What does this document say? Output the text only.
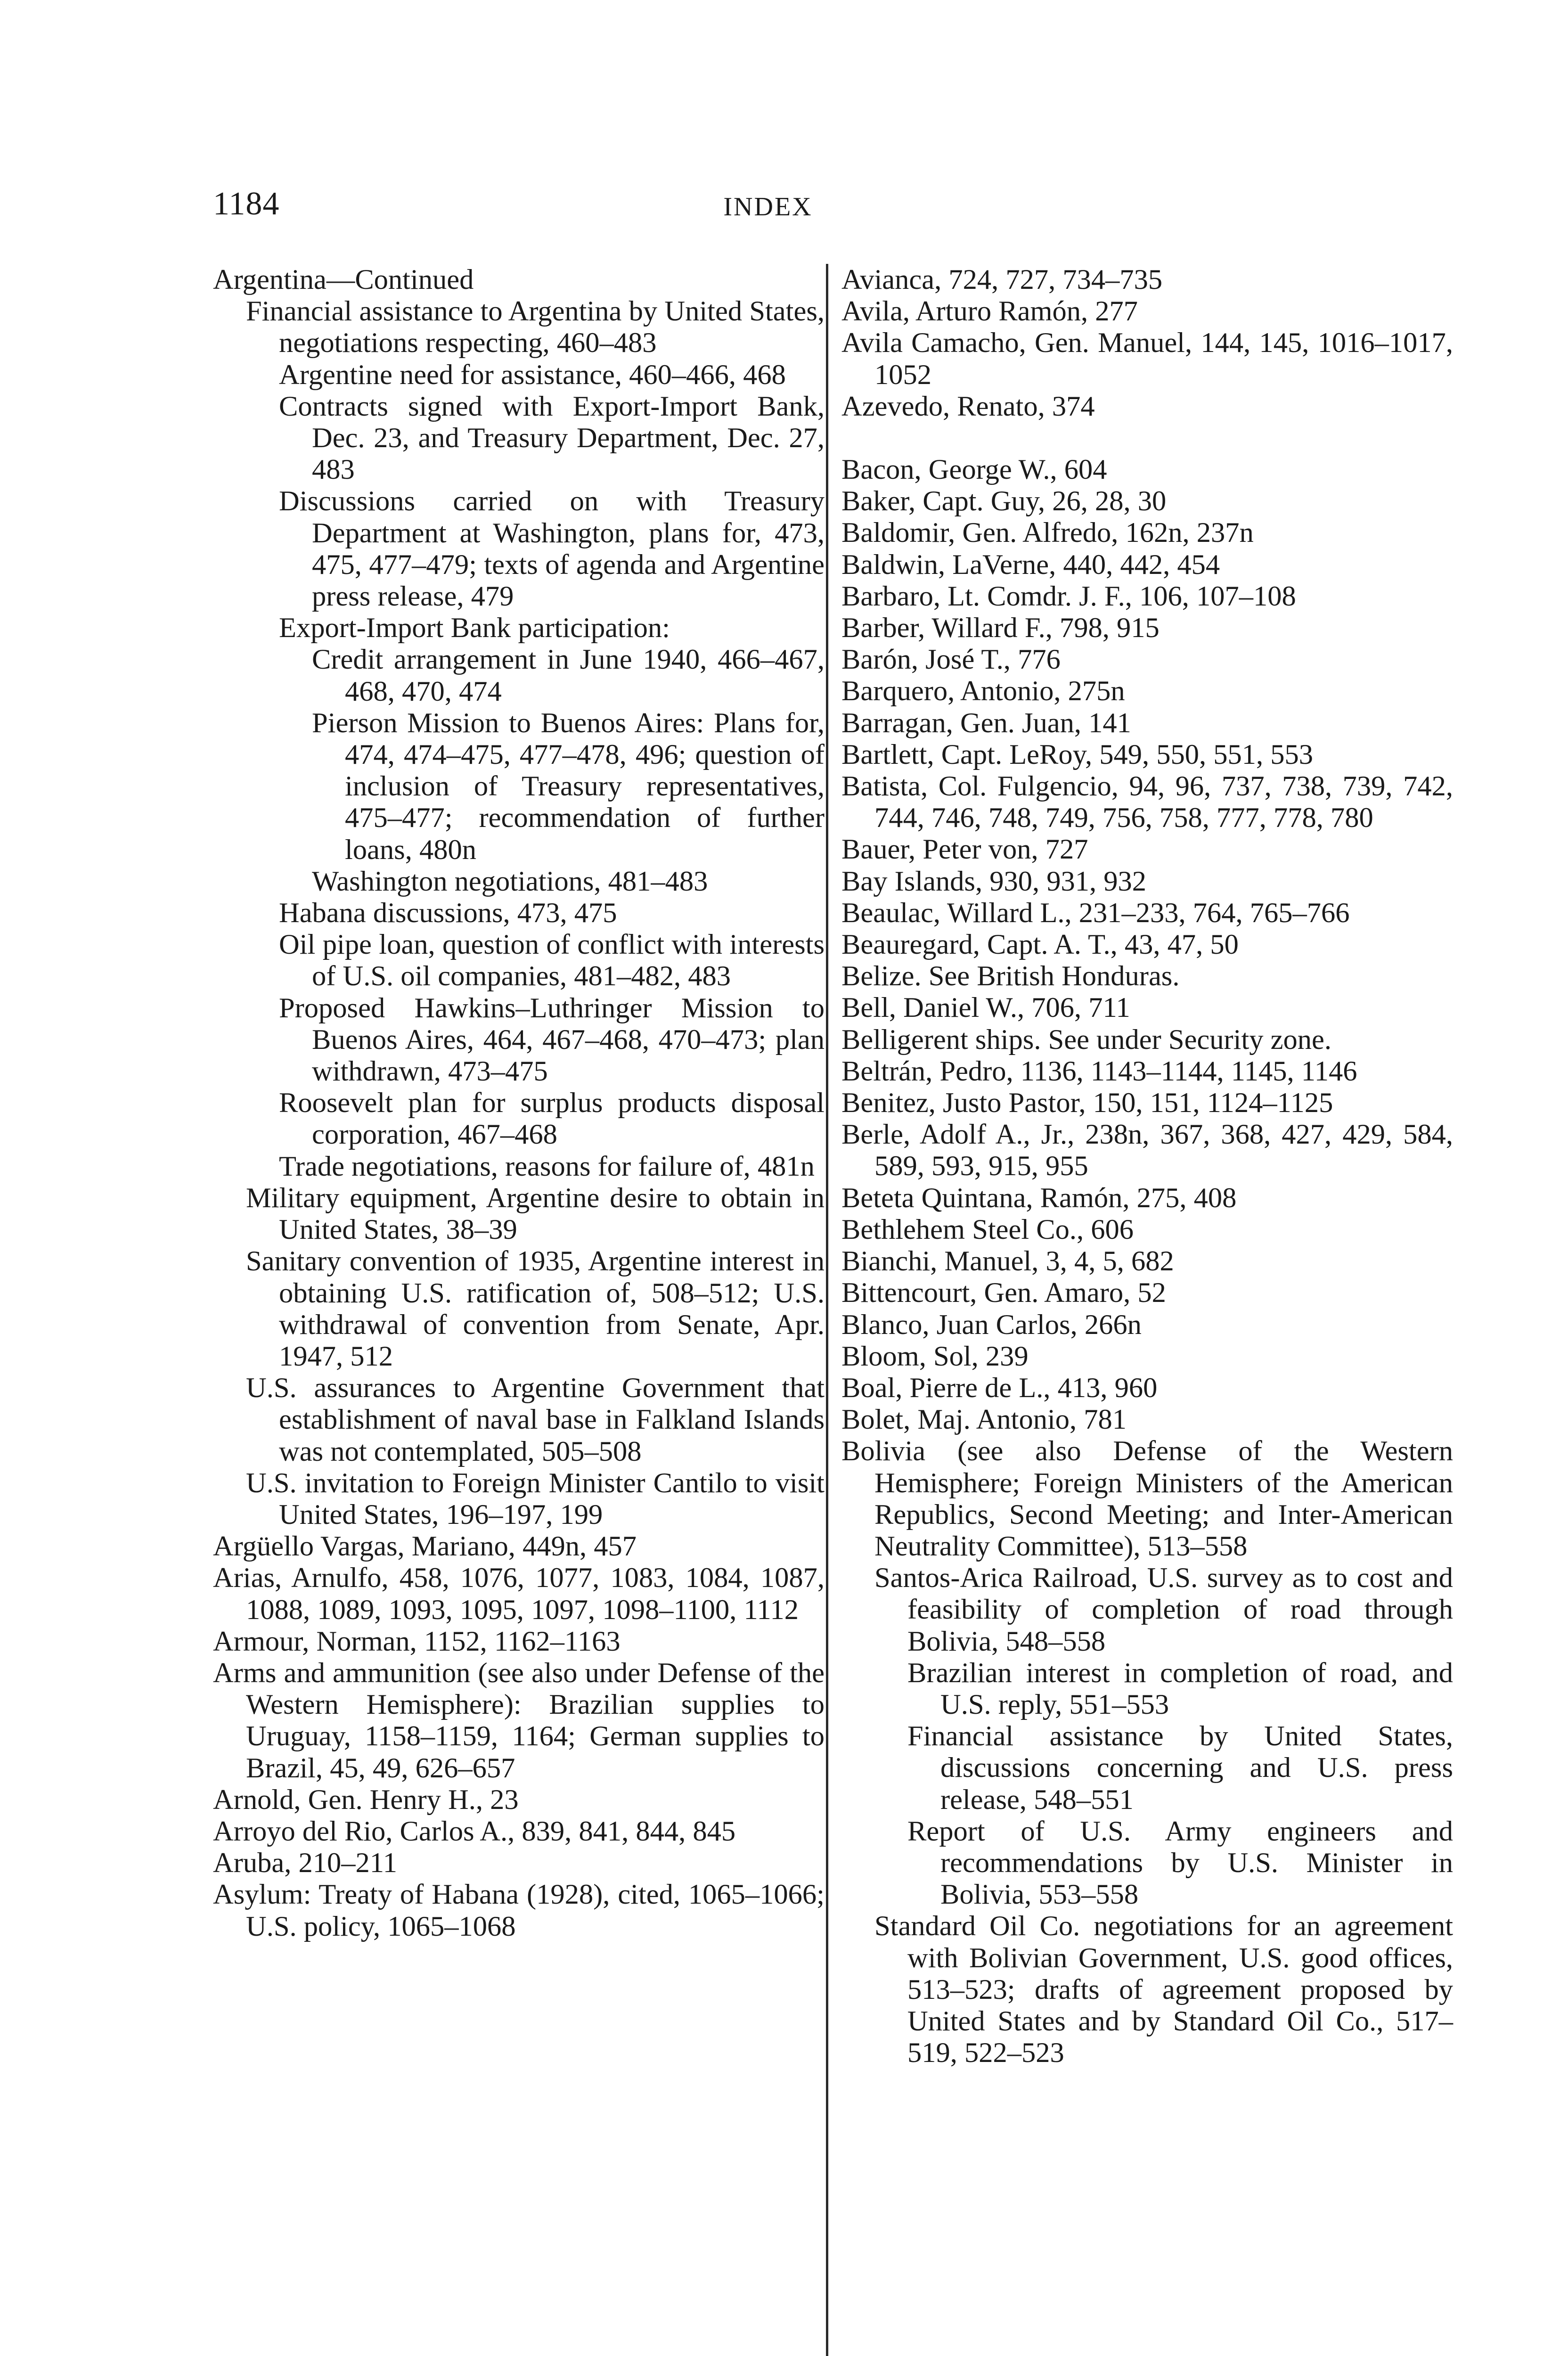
1184	INDEX

Argentina—Continued

Financial assistance to Argentina by United States, negotiations respecting, 460–483

Argentine need for assistance, 460–466, 468

Contracts signed with Export-Import Bank, Dec. 23, and Treasury Department, Dec. 27, 483

Discussions carried on with Treasury Department at Washington, plans for, 473, 475, 477–479; texts of agenda and Argentine press release, 479

Export-Import Bank participation:

Credit arrangement in June 1940, 466–467, 468, 470, 474

Pierson Mission to Buenos Aires: Plans for, 474, 474–475, 477–478, 496; question of inclusion of Treasury representatives, 475–477; recommendation of further loans, 480n

Washington negotiations, 481–483

Habana discussions, 473, 475

Oil pipe loan, question of conflict with interests of U.S. oil companies, 481–482, 483

Proposed Hawkins–Luthringer Mission to Buenos Aires, 464, 467–468, 470–473; plan withdrawn, 473–475

Roosevelt plan for surplus products disposal corporation, 467–468

Trade negotiations, reasons for failure of, 481n

Military equipment, Argentine desire to obtain in United States, 38–39

Sanitary convention of 1935, Argentine interest in obtaining U.S. ratification of, 508–512; U.S. withdrawal of convention from Senate, Apr. 1947, 512

U.S. assurances to Argentine Government that establishment of naval base in Falkland Islands was not contemplated, 505–508

U.S. invitation to Foreign Minister Cantilo to visit United States, 196–197, 199

Argüello Vargas, Mariano, 449n, 457

Arias, Arnulfo, 458, 1076, 1077, 1083, 1084, 1087, 1088, 1089, 1093, 1095, 1097, 1098–1100, 1112

Armour, Norman, 1152, 1162–1163

Arms and ammunition (see also under Defense of the Western Hemisphere): Brazilian supplies to Uruguay, 1158–1159, 1164; German supplies to Brazil, 45, 49, 626–657

Arnold, Gen. Henry H., 23

Arroyo del Rio, Carlos A., 839, 841, 844, 845

Aruba, 210–211

Asylum: Treaty of Habana (1928), cited, 1065–1066; U.S. policy, 1065–1068

Avianca, 724, 727, 734–735

Avila, Arturo Ramón, 277

Avila Camacho, Gen. Manuel, 144, 145, 1016–1017, 1052

Azevedo, Renato, 374

Bacon, George W., 604

Baker, Capt. Guy, 26, 28, 30

Baldomir, Gen. Alfredo, 162n, 237n

Baldwin, LaVerne, 440, 442, 454

Barbaro, Lt. Comdr. J. F., 106, 107–108

Barber, Willard F., 798, 915

Barón, José T., 776

Barquero, Antonio, 275n

Barragan, Gen. Juan, 141

Bartlett, Capt. LeRoy, 549, 550, 551, 553

Batista, Col. Fulgencio, 94, 96, 737, 738, 739, 742, 744, 746, 748, 749, 756, 758, 777, 778, 780

Bauer, Peter von, 727

Bay Islands, 930, 931, 932

Beaulac, Willard L., 231–233, 764, 765–766

Beauregard, Capt. A. T., 43, 47, 50

Belize. See British Honduras.

Bell, Daniel W., 706, 711

Belligerent ships. See under Security zone.

Beltrán, Pedro, 1136, 1143–1144, 1145, 1146

Benitez, Justo Pastor, 150, 151, 1124–1125

Berle, Adolf A., Jr., 238n, 367, 368, 427, 429, 584, 589, 593, 915, 955

Beteta Quintana, Ramón, 275, 408

Bethlehem Steel Co., 606

Bianchi, Manuel, 3, 4, 5, 682

Bittencourt, Gen. Amaro, 52

Blanco, Juan Carlos, 266n

Bloom, Sol, 239

Boal, Pierre de L., 413, 960

Bolet, Maj. Antonio, 781

Bolivia (see also Defense of the Western Hemisphere; Foreign Ministers of the American Republics, Second Meeting; and Inter-American Neutrality Committee), 513–558

Santos-Arica Railroad, U.S. survey as to cost and feasibility of completion of road through Bolivia, 548–558

Brazilian interest in completion of road, and U.S. reply, 551–553

Financial assistance by United States, discussions concerning and U.S. press release, 548–551

Report of U.S. Army engineers and recommendations by U.S. Minister in Bolivia, 553–558

Standard Oil Co. negotiations for an agreement with Bolivian Government, U.S. good offices, 513–523; drafts of agreement proposed by United States and by Standard Oil Co., 517–519, 522–523
